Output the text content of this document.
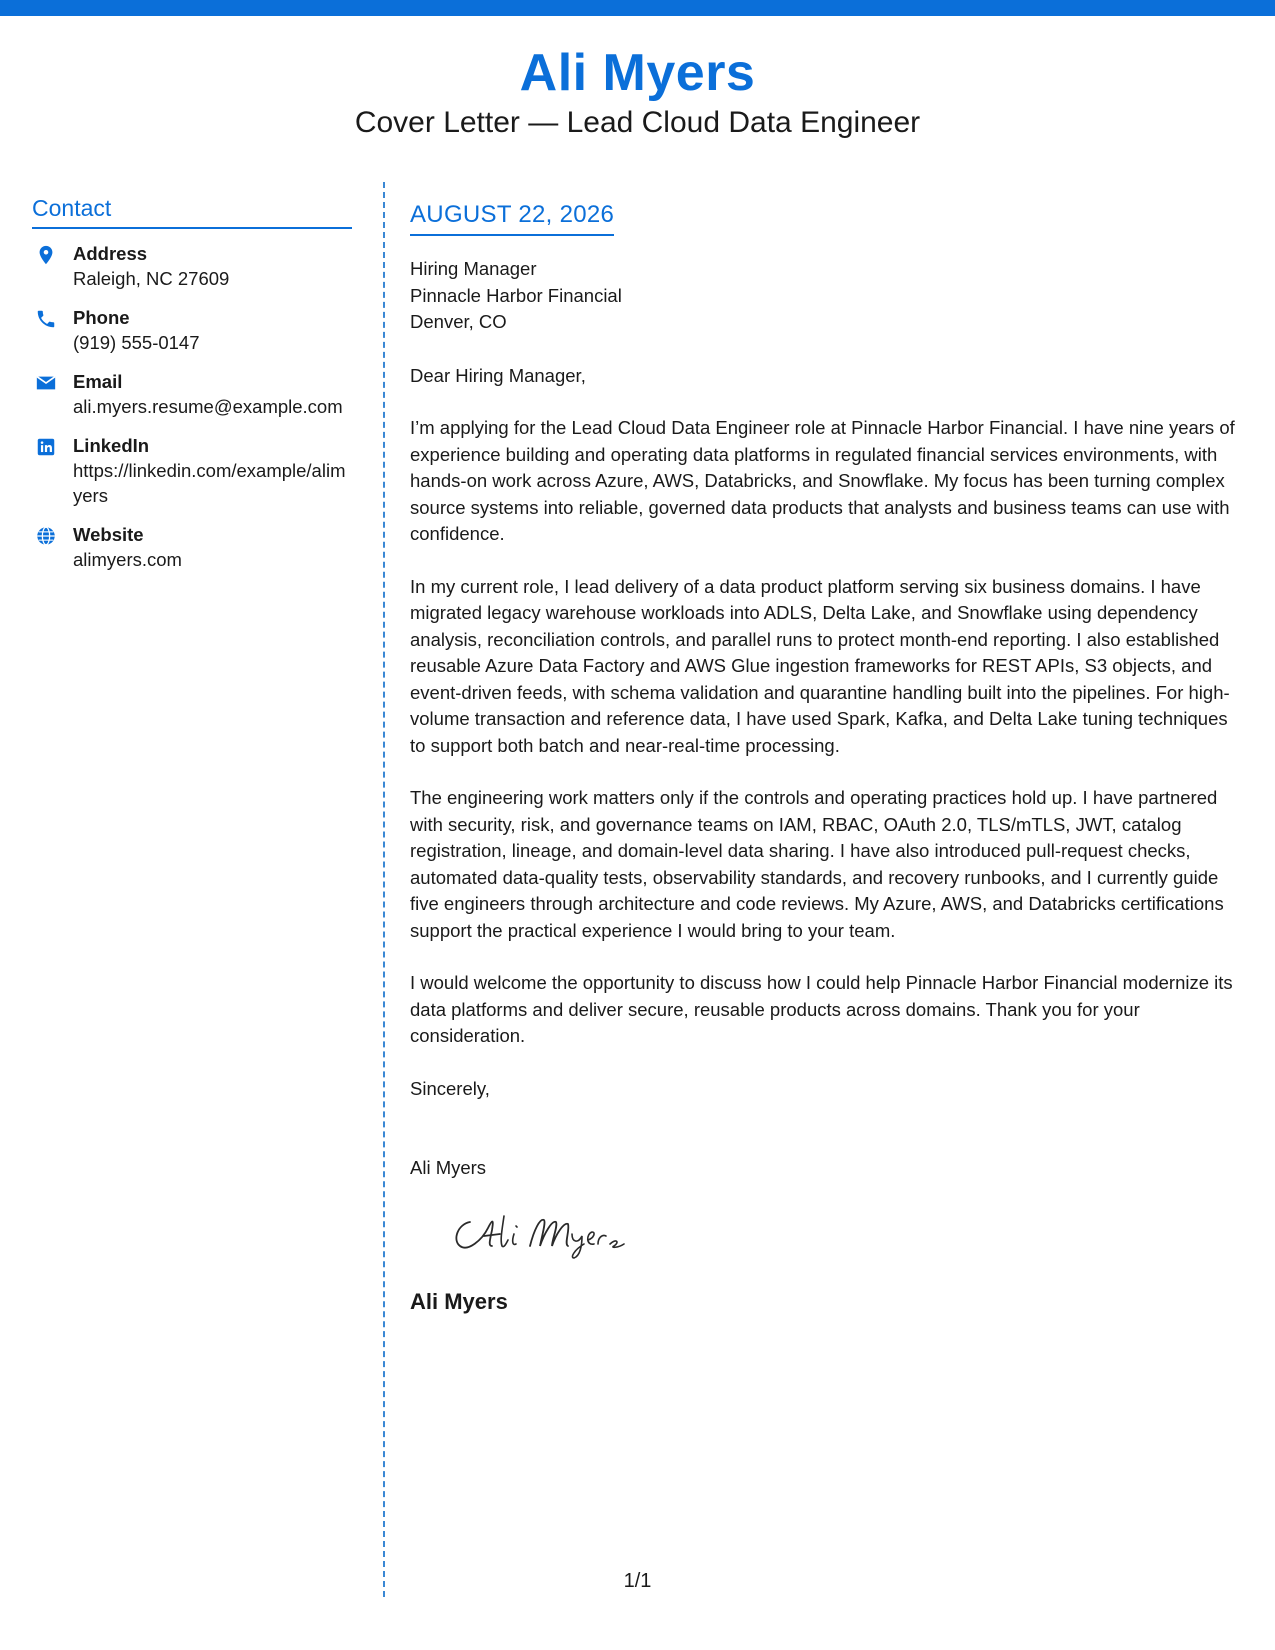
Ali Myers
Cover Letter — Lead Cloud Data Engineer
Contact
Address
Raleigh, NC 27609
Phone
(919) 555-0147
Email
ali.myers.resume@example.com
LinkedIn
https://linkedin.com/example/alimyers
Website
alimyers.com
AUGUST 22, 2026
Hiring Manager
Pinnacle Harbor Financial
Denver, CO
Dear Hiring Manager,
I’m applying for the Lead Cloud Data Engineer role at Pinnacle Harbor Financial. I have nine years of experience building and operating data platforms in regulated financial services environments, with hands-on work across Azure, AWS, Databricks, and Snowflake. My focus has been turning complex source systems into reliable, governed data products that analysts and business teams can use with confidence.
In my current role, I lead delivery of a data product platform serving six business domains. I have migrated legacy warehouse workloads into ADLS, Delta Lake, and Snowflake using dependency analysis, reconciliation controls, and parallel runs to protect month-end reporting. I also established reusable Azure Data Factory and AWS Glue ingestion frameworks for REST APIs, S3 objects, and event-driven feeds, with schema validation and quarantine handling built into the pipelines. For high-volume transaction and reference data, I have used Spark, Kafka, and Delta Lake tuning techniques to support both batch and near-real-time processing.
The engineering work matters only if the controls and operating practices hold up. I have partnered with security, risk, and governance teams on IAM, RBAC, OAuth 2.0, TLS/mTLS, JWT, catalog registration, lineage, and domain-level data sharing. I have also introduced pull-request checks, automated data-quality tests, observability standards, and recovery runbooks, and I currently guide five engineers through architecture and code reviews. My Azure, AWS, and Databricks certifications support the practical experience I would bring to your team.
I would welcome the opportunity to discuss how I could help Pinnacle Harbor Financial modernize its data platforms and deliver secure, reusable products across domains. Thank you for your consideration.
Sincerely,
Ali Myers
Ali Myers
1/1
